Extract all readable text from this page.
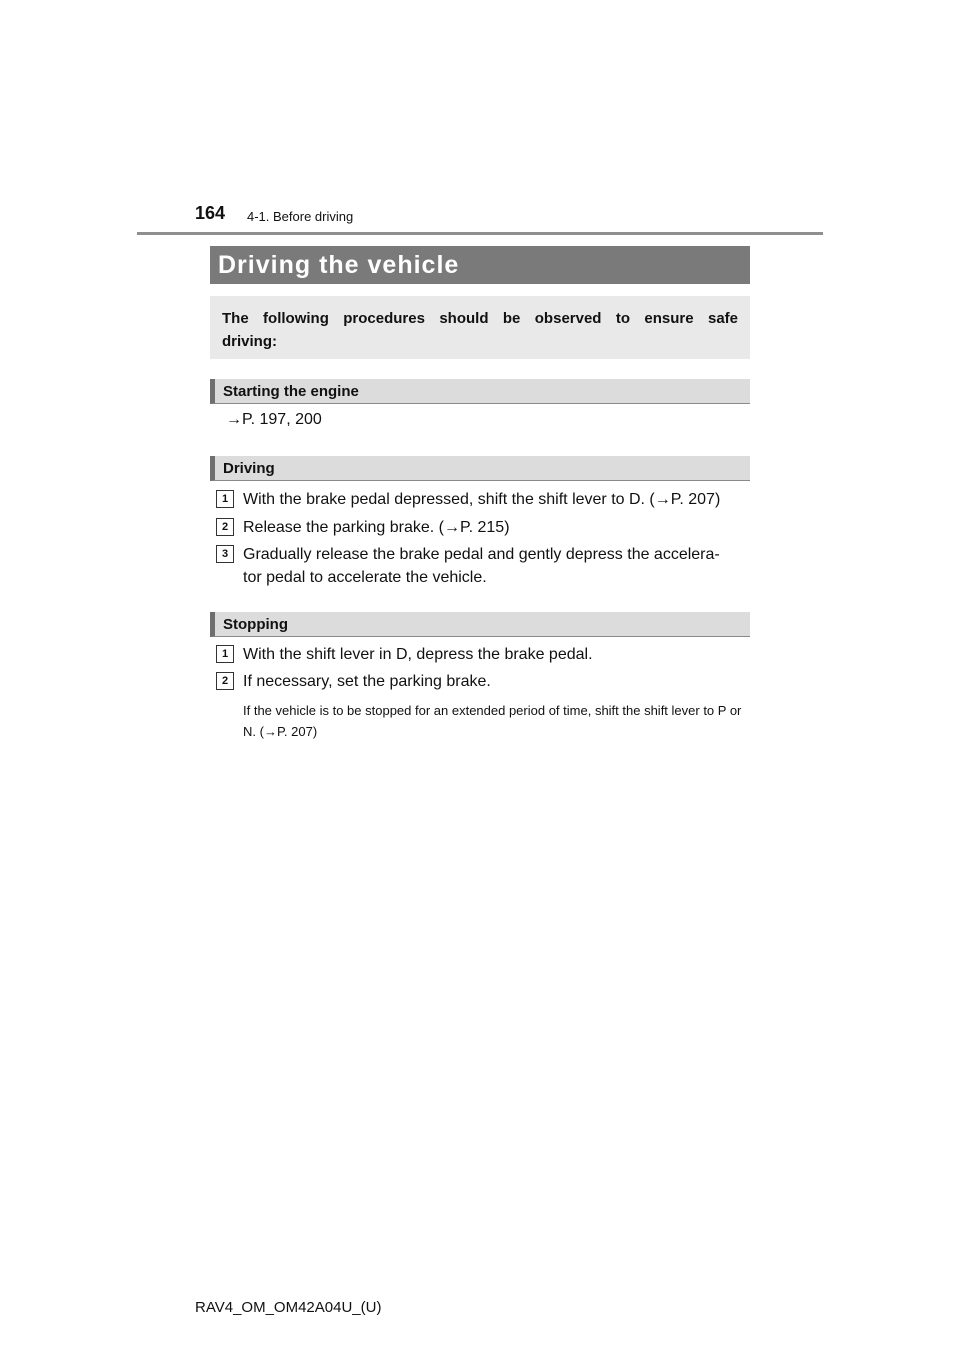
164 4-1. Before driving
Driving the vehicle
The following procedures should be observed to ensure safe driving:
Starting the engine
→P. 197, 200
Driving
1 With the brake pedal depressed, shift the shift lever to D. (→P. 207)
2 Release the parking brake. (→P. 215)
3 Gradually release the brake pedal and gently depress the accelera-
tor pedal to accelerate the vehicle.
Stopping
1 With the shift lever in D, depress the brake pedal.
2 If necessary, set the parking brake.
If the vehicle is to be stopped for an extended period of time, shift the shift lever to P or N. (→P. 207)
RAV4_OM_OM42A04U_(U)
